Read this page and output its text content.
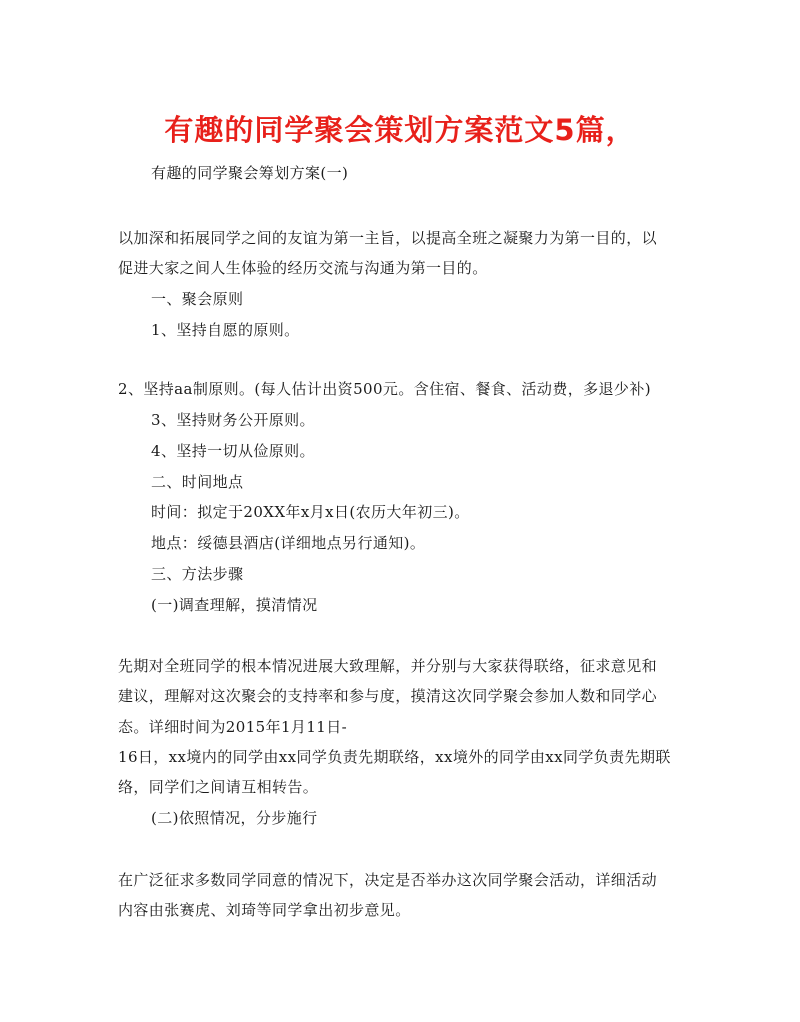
有趣的同学聚会策划方案范文5篇，
有趣的同学聚会筹划方案(一)
以加深和拓展同学之间的友谊为第一主旨，以提高全班之凝聚力为第一目的，以
促进大家之间人生体验的经历交流与沟通为第一目的。
一、聚会原则
1、坚持自愿的原则。
2、坚持aa制原则。(每人估计出资500元。含住宿、餐食、活动费，多退少补)
3、坚持财务公开原则。
4、坚持一切从俭原则。
二、时间地点
时间：拟定于20XX年x月x日(农历大年初三)。
地点：绥德县酒店(详细地点另行通知)。
三、方法步骤
(一)调查理解，摸清情况
先期对全班同学的根本情况进展大致理解，并分别与大家获得联络，征求意见和
建议，理解对这次聚会的支持率和参与度，摸清这次同学聚会参加人数和同学心
态。详细时间为2015年1月11日-
16日，xx境内的同学由xx同学负责先期联络，xx境外的同学由xx同学负责先期联
络，同学们之间请互相转告。
(二)依照情况，分步施行
在广泛征求多数同学同意的情况下，决定是否举办这次同学聚会活动，详细活动
内容由张赛虎、刘琦等同学拿出初步意见。
